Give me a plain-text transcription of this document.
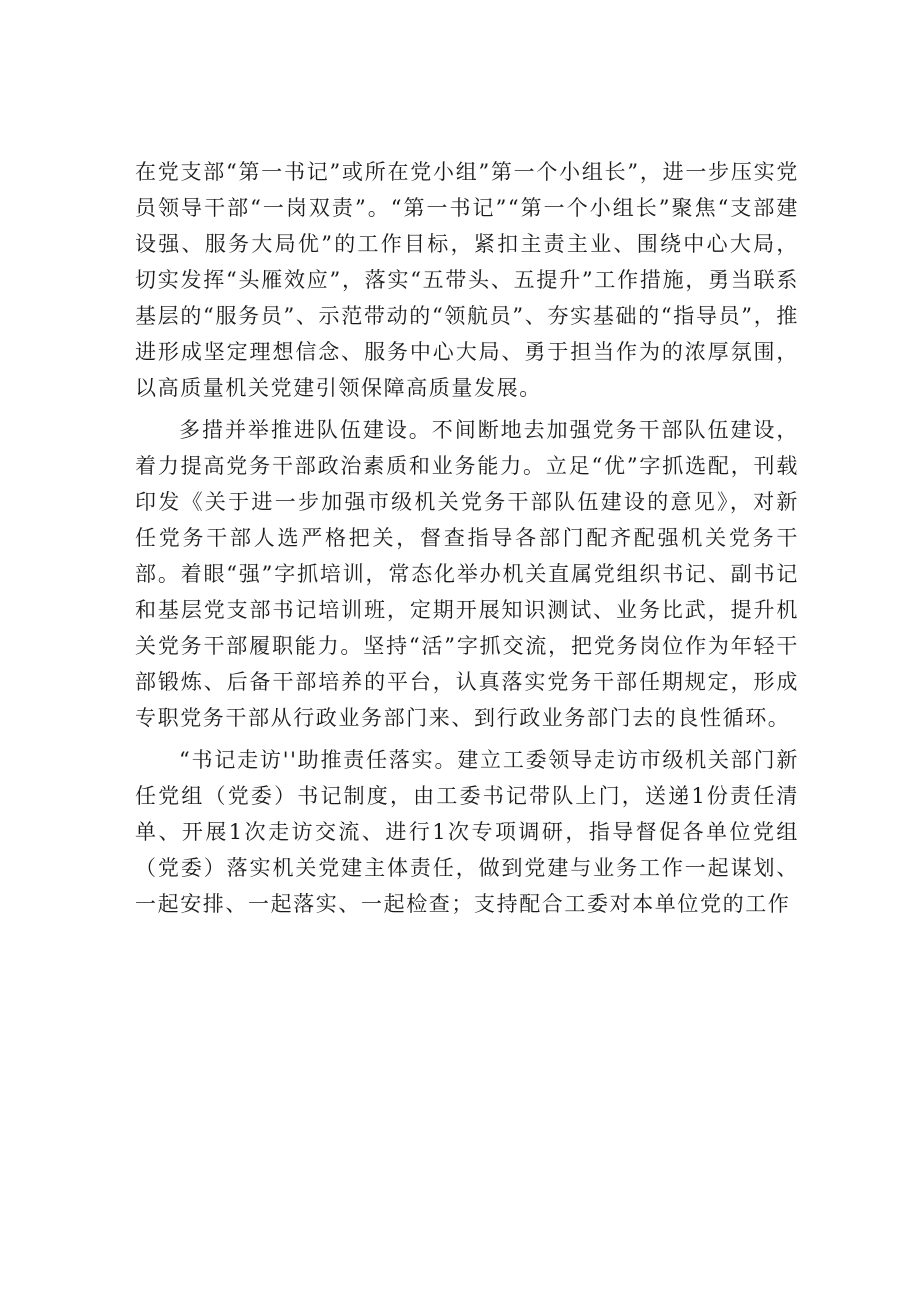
在党支部“第一书记”或所在党小组”第一个小组长”，进一步压实党员领导干部“一岗双责”。“第一书记”“第一个小组长”聚焦“支部建设强、服务大局优”的工作目标，紧扣主责主业、围绕中心大局，切实发挥“头雁效应”，落实“五带头、五提升”工作措施，勇当联系基层的“服务员”、示范带动的“领航员”、夯实基础的“指导员”，推进形成坚定理想信念、服务中心大局、勇于担当作为的浓厚氛围，以高质量机关党建引领保障高质量发展。

多措并举推进队伍建设。不间断地去加强党务干部队伍建设，着力提高党务干部政治素质和业务能力。立足“优”字抓选配，刊载印发《关于进一步加强市级机关党务干部队伍建设的意见》，对新任党务干部人选严格把关，督查指导各部门配齐配强机关党务干部。着眼“强”字抓培训，常态化举办机关直属党组织书记、副书记和基层党支部书记培训班，定期开展知识测试、业务比武，提升机关党务干部履职能力。坚持“活”字抓交流，把党务岗位作为年轻干部锻炼、后备干部培养的平台，认真落实党务干部任期规定，形成专职党务干部从行政业务部门来、到行政业务部门去的良性循环。

“书记走访''助推责任落实。建立工委领导走访市级机关部门新任党组（党委）书记制度，由工委书记带队上门，送递1份责任清单、开展1次走访交流、进行1次专项调研，指导督促各单位党组（党委）落实机关党建主体责任，做到党建与业务工作一起谋划、一起安排、一起落实、一起检查；支持配合工委对本单位党的工作
